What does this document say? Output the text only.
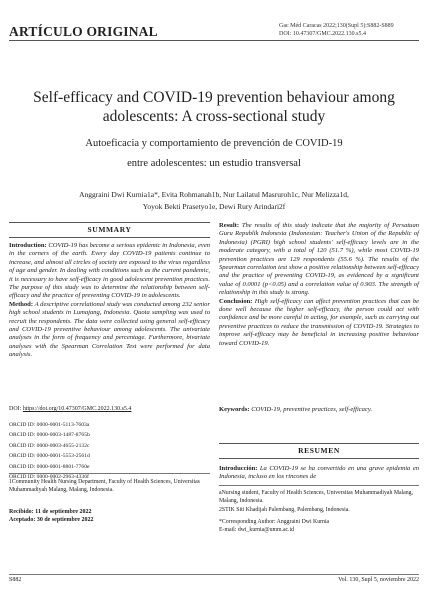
ARTÍCULO ORIGINAL	Gac Méd Caracas 2022;130(Supl 5):S882-S889
DOI: 10.47307/GMC.2022.130.s5.4
Self-efficacy and COVID-19 prevention behaviour among adolescents: A cross-sectional study
Autoeficacia y comportamiento de prevención de COVID-19
entre adolescentes: un estudio transversal
Anggraini Dwi Kurnia1a*, Evita Rohmanah1b, Nur Lailatul Masruroh1c, Nur Melizza1d,
Yoyok Bekti Prasetyo1e, Dewi Rury Arindari2f
SUMMARY

Introduction: COVID-19 has become a serious epidemic in Indonesia, even in the corners of the earth. Every day COVID-19 patients continue to increase, and almost all circles of society are exposed to the virus regardless of age and gender. In dealing with conditions such as the current pandemic, it is necessary to have self-efficacy in good adolescent prevention practices. The purpose of this study was to determine the relationship between self-efficacy and the practice of preventing COVID-19 in adolescents.

Method: A descriptive correlational study was conducted among 232 senior high school students in Lumajang, Indonesia. Quota sampling was used to recruit the respondents. The data were collected using general self-efficacy and COVID-19 preventive behaviour among adolescents. The univariate analyses in the form of frequency and percentage. Furthermore, bivariate analyses with the Spearman Correlation Test were performed for data analysis.

Result: The results of this study indicate that the majority of Persatuan Guru Republik Indonesia (Indonesian: Teacher's Union of the Republic of Indonesia) (PGRI) high school students' self-efficacy levels are in the moderate category, with a total of 120 (51.7 %), while most COVID-19 prevention practices are 129 respondents (55.6 %). The results of the Spearman correlation test show a positive relationship between self-efficacy and the practice of preventing COVID-19, as evidenced by a significant value of 0.0001 (p<0.05) and a correlation value of 0.903. The strength of relationship in this study is strong.

Conclusion: High self-efficacy can affect prevention practices that can be done well because the higher self-efficacy, the person could act with confidence and be more careful in acting, for example, such as carrying out preventive practices to reduce the transmission of COVID-19. Strategies to improve self-efficacy may be beneficial in increasing positive behaviour toward COVID-19.

DOI: https://doi.org/10.47307/GMC.2022.130.s5.4
ORCID ID: 0000-0001-5113-7603a
ORCID ID: 0000-0003-1487-8765b
ORCID ID: 0000-0003-4655-2132c
ORCID ID: 0000-0001-5553-2561d
ORCID ID: 0000-0001-8801-7760e
ORCID ID: 0000-0002-2963-4336f
1Community Health Nursing Department, Faculty of Health Sciences, Universitas Muhammadiyah Malang, Malang, Indonesia.
Recibido: 11 de septiembre 2022
Aceptado: 30 de septiembre 2022
Keywords: COVID-19, preventive practices, self-efficacy.
RESUMEN

Introducción: La COVID-19 se ha convertido en una grave epidemia en Indonesia, incluso en los rincones de

aNursing student, Faculty of Health Sciences, Universitas Muhammadiyah Malang, Malang, Indonesia.
2STIK Siti Khadijah Palembang, Palembang, Indonesia.
*Corresponding Author: Anggraini Dwi Kurnia
E-mail: dwi_kurnia@umm.ac.id
S882	Vol. 130, Supl 5, noviembre 2022
